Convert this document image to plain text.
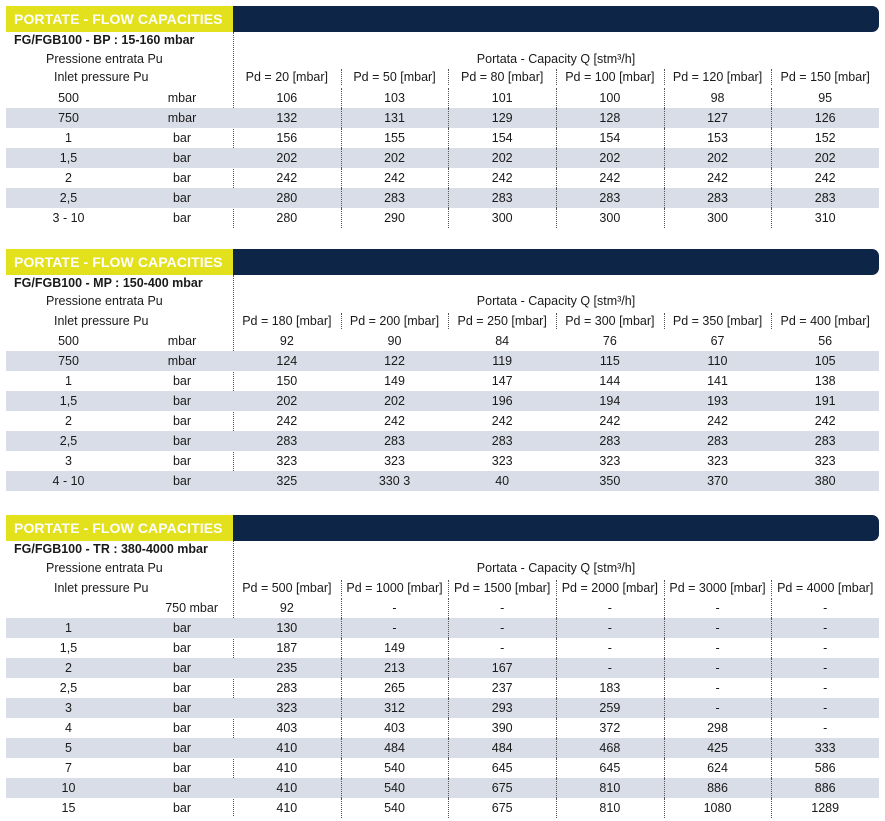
PORTATE - FLOW CAPACITIES
FG/FGB100 - BP : 15-160 mbar
Pressione entrata Pu	Portata - Capacity Q [stm³/h]
Inlet pressure Pu	Pd = 20 [mbar]	Pd = 50 [mbar]	Pd = 80 [mbar]	Pd = 100 [mbar]	Pd = 120 [mbar]	Pd = 150 [mbar]
500	mbar	106	103	101	100	98	95
750	mbar	132	131	129	128	127	126
1	bar	156	155	154	154	153	152
1,5	bar	202	202	202	202	202	202
2	bar	242	242	242	242	242	242
2,5	bar	280	283	283	283	283	283
3 - 10	bar	280	290	300	300	300	310
PORTATE - FLOW CAPACITIES
FG/FGB100 - MP : 150-400 mbar
Pressione entrata Pu	Portata - Capacity Q [stm³/h]
Inlet pressure Pu	Pd = 180 [mbar]	Pd = 200 [mbar]	Pd = 250 [mbar]	Pd = 300 [mbar]	Pd = 350 [mbar]	Pd = 400 [mbar]
500	mbar	92	90	84	76	67	56
750	mbar	124	122	119	115	110	105
1	bar	150	149	147	144	141	138
1,5	bar	202	202	196	194	193	191
2	bar	242	242	242	242	242	242
2,5	bar	283	283	283	283	283	283
3	bar	323	323	323	323	323	323
4 - 10	bar	325	330 3	40	350	370	380
PORTATE - FLOW CAPACITIES
FG/FGB100 - TR : 380-4000 mbar
Pressione entrata Pu	Portata - Capacity Q [stm³/h]
Inlet pressure Pu	Pd = 500 [mbar]	Pd = 1000 [mbar] Pd = 1500 [mbar] Pd = 2000 [mbar] Pd = 3000 [mbar] Pd = 4000 [mbar]
750 mbar	92	-	-	-	-	-
1	bar	130	-	-	-	-	-
1,5	bar	187	149	-	-	-	-
2	bar	235	213	167	-	-	-
2,5	bar	283	265	237	183	-	-
3	bar	323	312	293	259	-	-
4	bar	403	403	390	372	298	-
5	bar	410	484	484	468	425	333
7	bar	410	540	645	645	624	586
10	bar	410	540	675	810	886	886
15	bar	410	540	675	810	1080	1289
